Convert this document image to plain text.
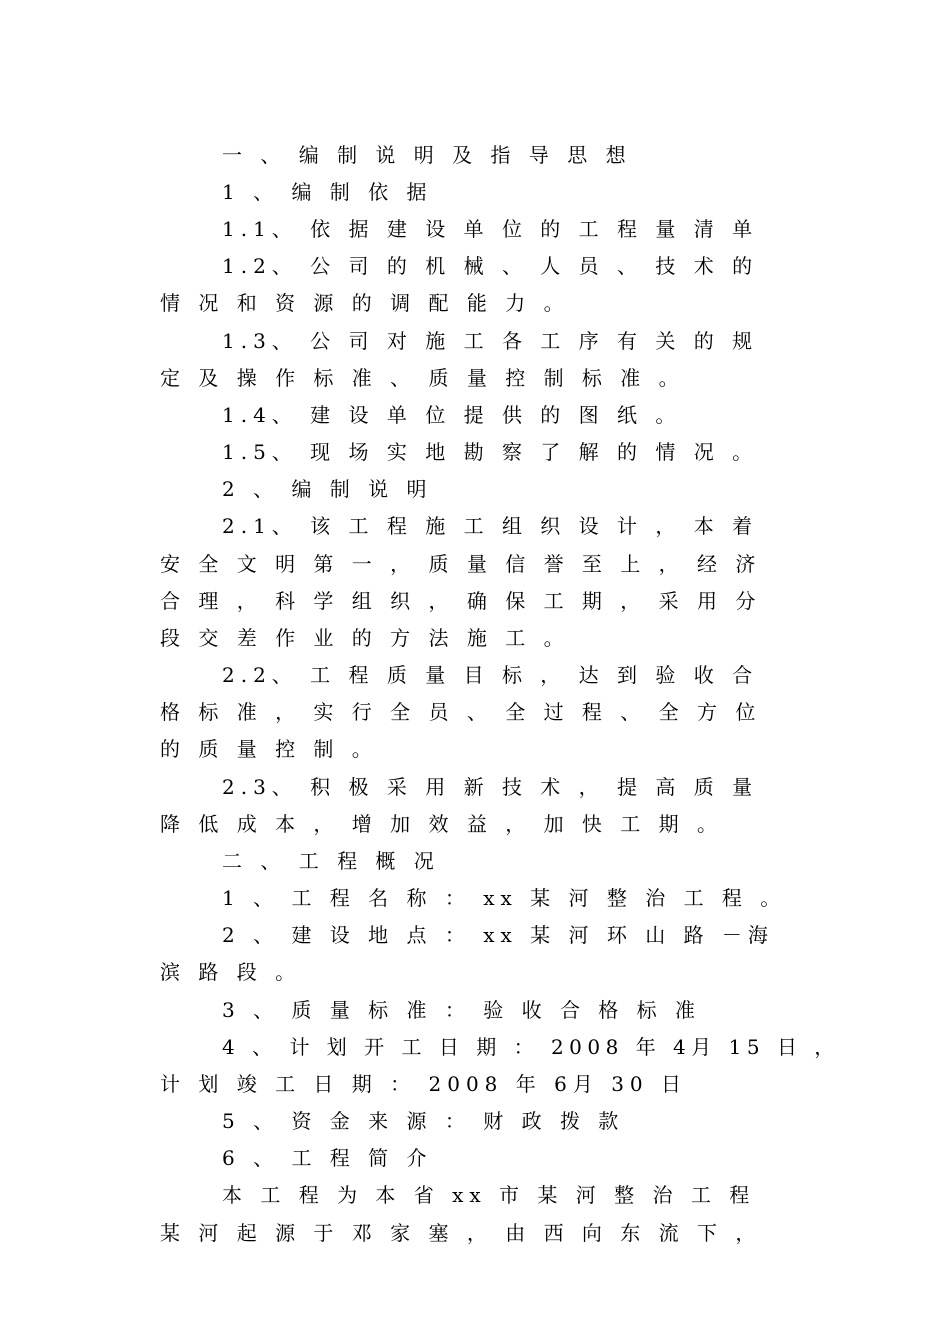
一 、 编 制 说 明 及 指 导 思 想
1 、 编 制 依 据
1.1、 依 据 建 设 单 位 的 工 程 量 清 单
1.2、 公 司 的 机 械 、 人 员 、 技 术 的
情 况 和 资 源 的 调 配 能 力 。
1.3、 公 司 对 施 工 各 工 序 有 关 的 规
定 及 操 作 标 准 、 质 量 控 制 标 准 。
1.4、 建 设 单 位 提 供 的 图 纸 。
1.5、 现 场 实 地 勘 察 了 解 的 情 况 。
2 、 编 制 说 明
2.1、 该 工 程 施 工 组 织 设 计 ， 本 着
安 全 文 明 第 一 ， 质 量 信 誉 至 上 ， 经 济
合 理 ， 科 学 组 织 ， 确 保 工 期 ， 采 用 分
段 交 差 作 业 的 方 法 施 工 。
2.2、 工 程 质 量 目 标 ， 达 到 验 收 合
格 标 准 ， 实 行 全 员 、 全 过 程 、 全 方 位
的 质 量 控 制 。
2.3、 积 极 采 用 新 技 术 ， 提 高 质 量
降 低 成 本 ， 增 加 效 益 ， 加 快 工 期 。
二 、 工 程 概 况
1 、 工 程 名 称 ： xx 某 河 整 治 工 程 。
2 、 建 设 地 点 ： xx 某 河 环 山 路 －海
滨 路 段 。
3 、 质 量 标 准 ： 验 收 合 格 标 准
4 、 计 划 开 工 日 期 ： 2008 年 4月 15 日 ，
计 划 竣 工 日 期 ： 2008 年 6月 30 日
5 、 资 金 来 源 ： 财 政 拨 款
6 、 工 程 简 介
本 工 程 为 本 省 xx 市 某 河 整 治 工 程
某 河 起 源 于 邓 家 塞 ， 由 西 向 东 流 下 ，
